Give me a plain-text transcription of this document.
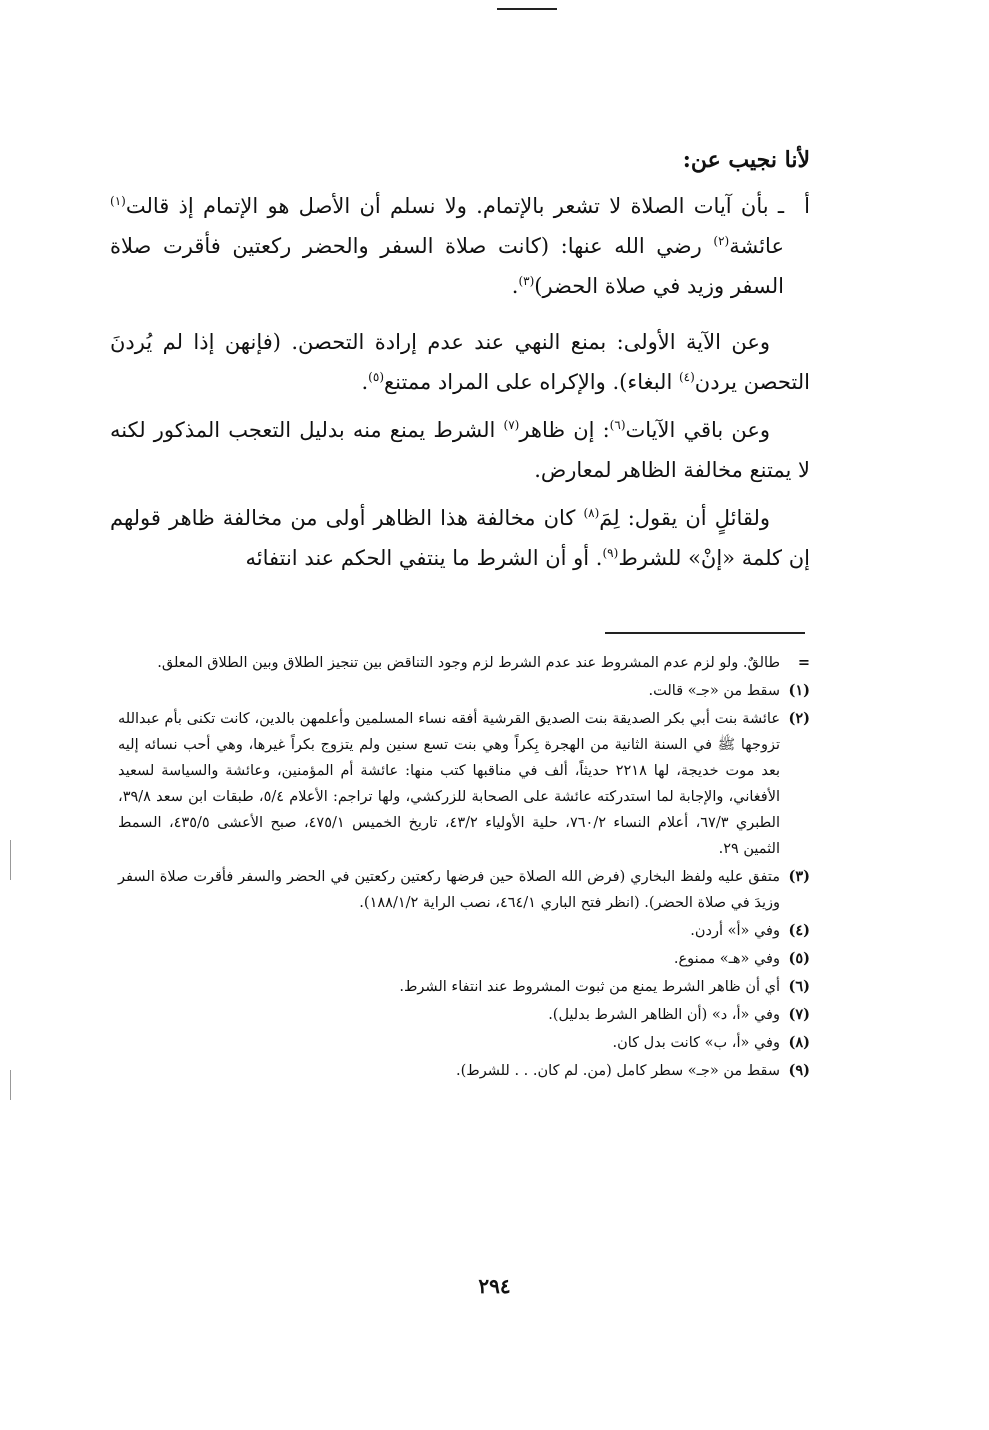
لأنا نجيب عن:
أ
ـ بأن آيات الصلاة لا تشعر بالإتمام. ولا نسلم أن الأصل هو الإتمام إذ قالت$^{(١)}$ عائشة$^{(٢)}$ رضي الله عنها: (كانت صلاة السفر والحضر ركعتين فأقرت صلاة السفر وزيد في صلاة الحضر)$^{(٣)}$.

وعن الآية الأولى: بمنع النهي عند عدم إرادة التحصن. (فإنهن إذا لم يُردنَ التحصن يردن$^{(٤)}$ البغاء). والإكراه على المراد ممتنع$^{(٥)}$.

وعن باقي الآيات$^{(٦)}$: إن ظاهر$^{(٧)}$ الشرط يمنع منه بدليل التعجب المذكور لكنه لا يمتنع مخالفة الظاهر لمعارض.

ولقائلٍ أن يقول: لِمَ$^{(٨)}$ كان مخالفة هذا الظاهر أولى من مخالفة ظاهر قولهم إن كلمة «إنْ» للشرط$^{(٩)}$. أو أن الشرط ما ينتفي الحكم عند انتفائه

=
طالقٌ. ولو لزم عدم المشروط عند عدم الشرط لزم وجود التناقض بين تنجيز الطلاق وبين الطلاق المعلق.
(١)
سقط من «جـ» قالت.
(٢)
عائشة بنت أبي بكر الصديقة بنت الصديق القرشية أفقه نساء المسلمين وأعلمهن بالدين، كانت تكنى بأم عبدالله تزوجها ﷺ في السنة الثانية من الهجرة بِكراً وهي بنت تسع سنين ولم يتزوج بكراً غيرها، وهي أحب نسائه إليه بعد موت خديجة، لها ٢٢١٨ حديثاً، ألف في مناقبها كتب منها: عائشة أم المؤمنين، وعائشة والسياسة لسعيد الأفغاني، والإجابة لما استدركته عائشة على الصحابة للزركشي، ولها تراجم: الأعلام ٥/٤، طبقات ابن سعد ٣٩/٨، الطبري ٦٧/٣، أعلام النساء ٧٦٠/٢، حلية الأولياء ٤٣/٢، تاريخ الخميس ٤٧٥/١، صبح الأعشى ٤٣٥/٥، السمط الثمين ٢٩.
(٣)
متفق عليه ولفظ البخاري (فرض الله الصلاة حين فرضها ركعتين ركعتين في الحضر والسفر فأقرت صلاة السفر وزيدَ في صلاة الحضر). (انظر فتح الباري ٤٦٤/١، نصب الراية ١٨٨/١/٢).
(٤)
وفي «أ» أردن.
(٥)
وفي «هـ» ممنوع.
(٦)
أي أن ظاهر الشرط يمنع من ثبوت المشروط عند انتفاء الشرط.
(٧)
وفي «أ، د» (أن الظاهر الشرط بدليل).
(٨)
وفي «أ، ب» كانت بدل كان.
(٩)
سقط من «جـ» سطر كامل (من. لم كان. . . للشرط).
٢٩٤
